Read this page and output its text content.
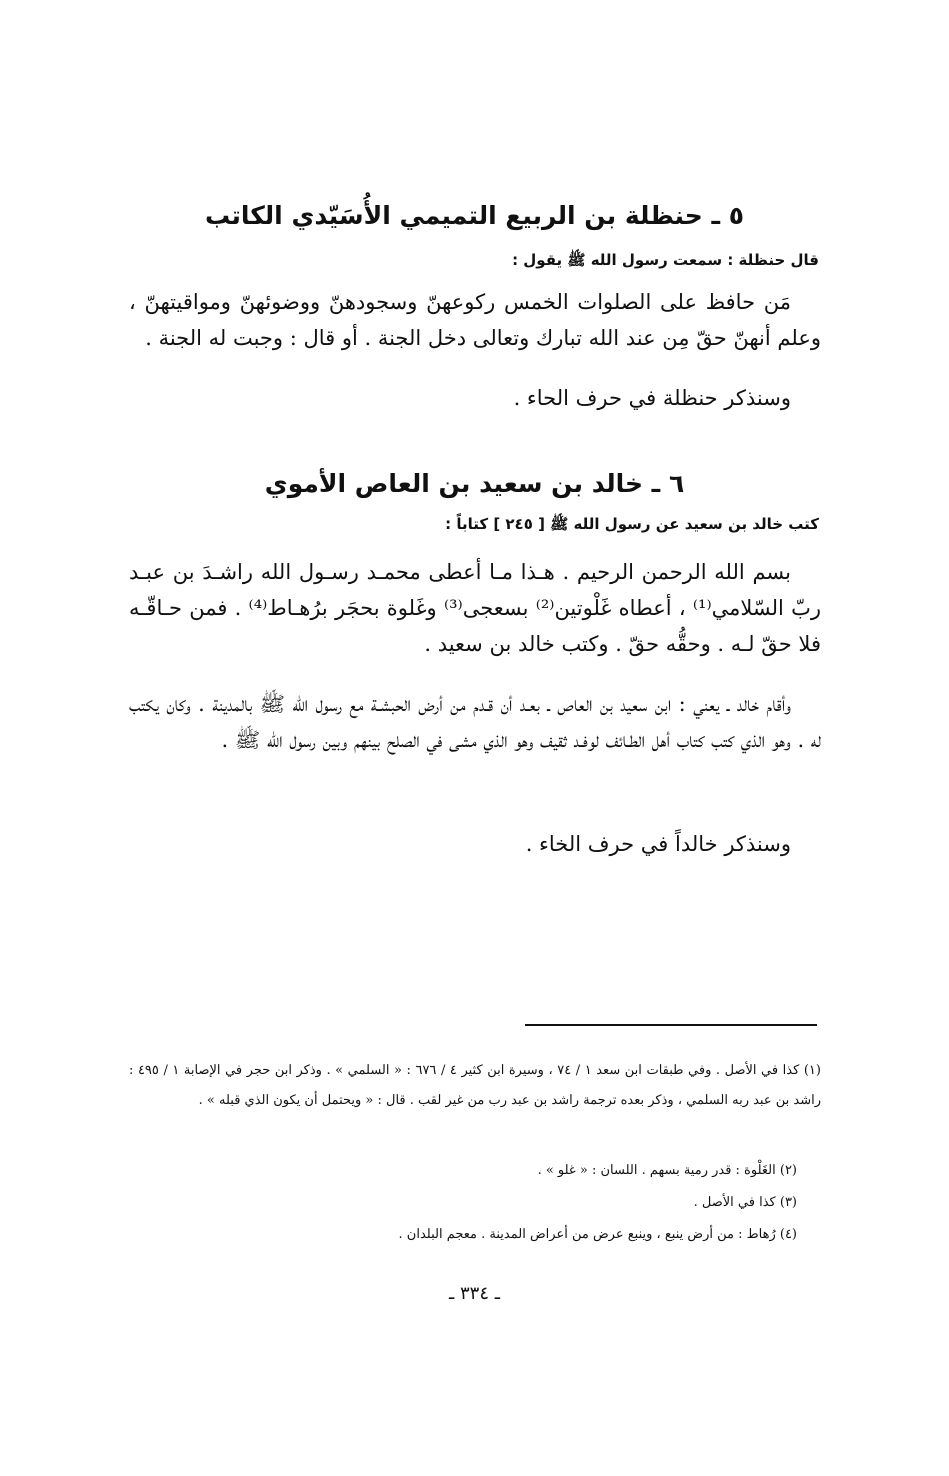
٥ ـ حنظلة بن الربيع التميمي الأُسَيّدي الكاتب

قال حنظلة : سمعت رسول الله ﷺ يقول :

مَن حافظ على الصلوات الخمس ركوعهنّ وسجودهنّ ووضوئهنّ ومواقيتهنّ ، وعلم أنهنّ حقّ مِن عند الله تبارك وتعالى دخل الجنة . أو قال : وجبت له الجنة .

وسنذكر حنظلة في حرف الحاء .

٦ ـ خالد بن سعيد بن العاص الأموي

كتب خالد بن سعيد عن رسول الله ﷺ [ ٢٤٥ ] كتاباً :

بسم الله الرحمن الرحيم . هـذا مـا أعطى محمـد رسـول الله راشـدَ بن عبـد ربّ السّلامي⁽¹⁾ ، أعطاه غَلْوتين⁽²⁾ بسعجى⁽³⁾ وغَلوة بحجَر برُهـاط⁽⁴⁾ . فمن حـاقّـه فلا حقّ لـه . وحقُّه حقّ . وكتب خالد بن سعيد .

وأقام خالد ـ يعني : ابن سعيد بن العاص ـ بعـد أن قـدم من أرض الحبشـة مع رسول الله ﷺ بالمدينة . وكان يكتب له . وهو الذي كتب كتاب أهل الطـائف لوفـد ثقيف وهو الذي مشى في الصلح بينهم وبين رسول الله ﷺ .

وسنذكر خالداً في حرف الخاء .

(١) كذا في الأصل . وفي طبقات ابن سعد ١ / ٧٤ ، وسيرة ابن كثير ٤ / ٦٧٦ : « السلمي » . وذكر ابن حجر في الإصابة ١ / ٤٩٥ : راشد بن عبد ربه السلمي ، وذكر بعده ترجمة راشد بن عبد رب من غير لقب . قال : « ويحتمل أن يكون الذي قبله » .

(٢) الغَلْوة : قدر رمية بسهم . اللسان : « غلو » .

(٣) كذا في الأصل .

(٤) رُهاط : من أرض ينبع ، وينبع عرض من أعراض المدينة . معجم البلدان .

ـ ٣٣٤ ـ
